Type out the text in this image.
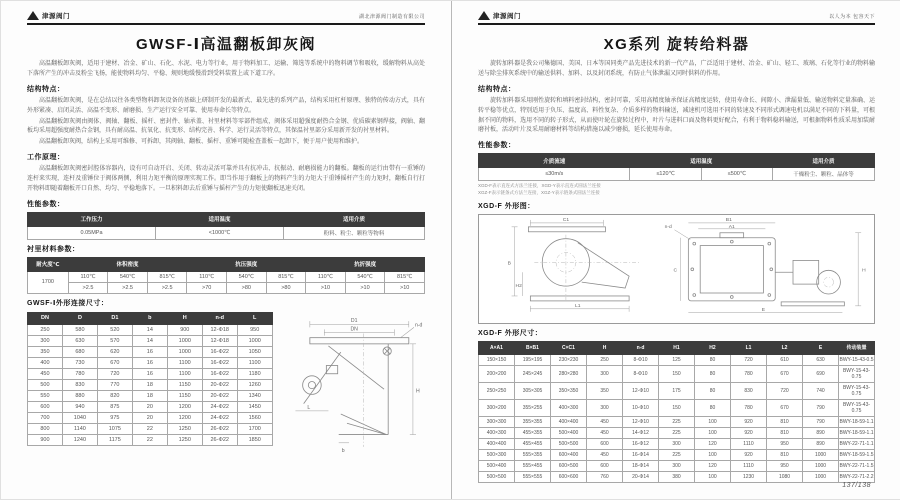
津源阀门	湖北津源阀门制造有限公司
GWSF-Ⅰ高温翻板卸灰阀

高温翻板卸灰阀，适用于建材、冶金、矿山、石化、水泥、电力等行业，用于物料加工、运输、筛选等系统中的物料调节和吸收，缓解物料从高处下落所产生的冲击及粉尘飞扬，能使物料均匀、平稳、规则地缓慢滑到受料装置上或下道工序。

结构特点：

高温翻板卸灰阀，是在总结以往各类型物料卸灰设备的基础上研制开发的最新式、最先进的系列产品，结构采用杠杆原理、独特的传动方式，具有外形紧凑、启闭灵活、高温不变形、耐磨损、生产运行安全可靠、使用寿命长等特点。

高温翻板卸灰阀由阀体、阀轴、翻板、摇杆、密封件、轴承盖、衬里材料等零部件组成，阀体采用超强度耐热合金钢、优质碳素钢焊接，阀轴、翻板均采用超强度耐热合金钢，具有耐高温、抗氧化、抗变形、结构完善、科学、运行灵活等特点，其保温衬里部分采用新开发的衬里材料。

高温翻板卸灰阀，结构上采用可维修、可拆卸，其阀轴、翻板、摇杆、重锤可随检查盖板一起卸下，便于用户使用和维护。

工作原理：

高温翻板卸灰阀密封腔体容器内，设有可自动开启、关闭、转动灵活可靠并具有抗冲击、抗振动、耐磨损能力的翻板。翻板的运行由带有一重锤的连杆来实现，连杆及重锤位于阀体两侧，利用力矩平衡的原理实现工作。即当作用于翻板上的物料产生的力矩大于重锤摇杆产生的力矩时，翻板自行打开物料即随着翻板开口自然、均匀、平稳地落下。一旦积料卸去后重锤与摇杆产生的力矩使翻板迅速关闭。

性能参数：
工作压力	适用温度	适用介质
0.05MPa	<1000℃	粉料、粉尘、颗粒等物料
衬里材料参数：
耐火度℃	体积密度			抗压强度			抗折强度		
1700	110℃	540℃	815℃	110℃	540℃	815℃	110℃	540℃	815℃
	>2.5	>2.5	>2.5	>70	>80	>80	>10	>10	>10
GWSF-Ⅰ外形连接尺寸：
DN	D	D1	b	H	n-d	L
250	580	520	14	900	12-Φ18	950
300	630	570	14	1000	12-Φ18	1000
350	680	620	16	1000	16-Φ22	1050
400	730	670	16	1100	16-Φ22	1100
450	780	720	16	1100	16-Φ22	1180
500	830	770	18	1150	20-Φ22	1260
550	880	820	18	1150	20-Φ22	1340
600	940	875	20	1200	24-Φ22	1450
700	1040	975	20	1200	24-Φ22	1560
800	1140	1075	22	1250	26-Φ22	1700
900	1240	1175	22	1250	26-Φ22	1850
D1
DN
n-d
H
L
b
津源阀门	以人为本 包容天下
XG系列 旋转给料器

旋转加料器是我公司集德国、美国、日本等国同类产品先进技术的新一代产品，广泛适用于建材、冶金、矿山、轻工、玻璃、石化等行业的物料输送与除尘排灰系统中的输送供料、加料、以及封闭系统，有防止气体泄漏又同时供料的作用。

结构特点：

旋转加料器采用刚性旋转和填料密封结构，密封可靠，采用高精度轴承保证高精度运转，使用寿命长、间隙小、泄漏量低、输送物料定量准确、运转平稳等优点，特别适用于负压、温度高、料性复杂、介质多样的物料输送，减速机可选用不同的转速及不同形式调速电机以满足不同的下料量，可根据不同的物料，选用不同的转子形式，从而使叶轮在旋转过程中，叶片与进料口面及物料更好配合，有利于物料稳料输送，可根据物料性质采用加装耐磨衬板，活动叶片及采用耐磨材料等结构措施以减少磨损，延长使用寿命。

性能参数：
介质流速	适用温度		适用介质
≤30m/s	≤120℃	≤500℃	干燥粉尘、颗粒、晶体等

XGD-F表示直连式方法兰连接，XGD-Y表示直连式圆法兰连接

XGZ-F表示链条式方法兰连接，XGZ-Y表示链条式圆法兰连接

XGD-F 外形图：
C1
B
H2
L1
B1
A1
n-d
C	H
E
XGD-F 外形尺寸：
A×A1	B×B1	C×C1	H	n-d	H1	H2	L1	L2	E	传动装置
150×150	195×195	230×230	250	8-Φ10	125	80	720	610	630	BWY-15-43-0.5
200×200	245×245	280×280	300	8-Φ10	150	80	780	670	690	BWY-15-43-0.75
250×250	305×305	350×350	350	12-Φ10	175	80	830	720	740	BWY-15-43-0.75
300×200	355×255	400×300	300	10-Φ10	150	80	780	670	790	BWY-15-43-0.75
300×300	355×355	400×400	450	12-Φ10	225	100	920	810	790	BWY-18-59-1.1
400×300	455×355	500×400	450	14-Φ12	225	100	920	810	890	BWY-18-59-1.1
400×400	455×455	500×500	600	16-Φ12	300	120	1110	950	890	BWY-22-71-1.1
500×300	555×355	600×400	450	16-Φ14	225	100	920	810	1000	BWY-18-59-1.5
500×400	555×455	600×500	600	18-Φ14	300	120	1110	950	1000	BWY-22-71-1.5
500×500	555×555	600×600	760	20-Φ14	380	100	1230	1080	1000	BWY-22-71-2.2
137/138
